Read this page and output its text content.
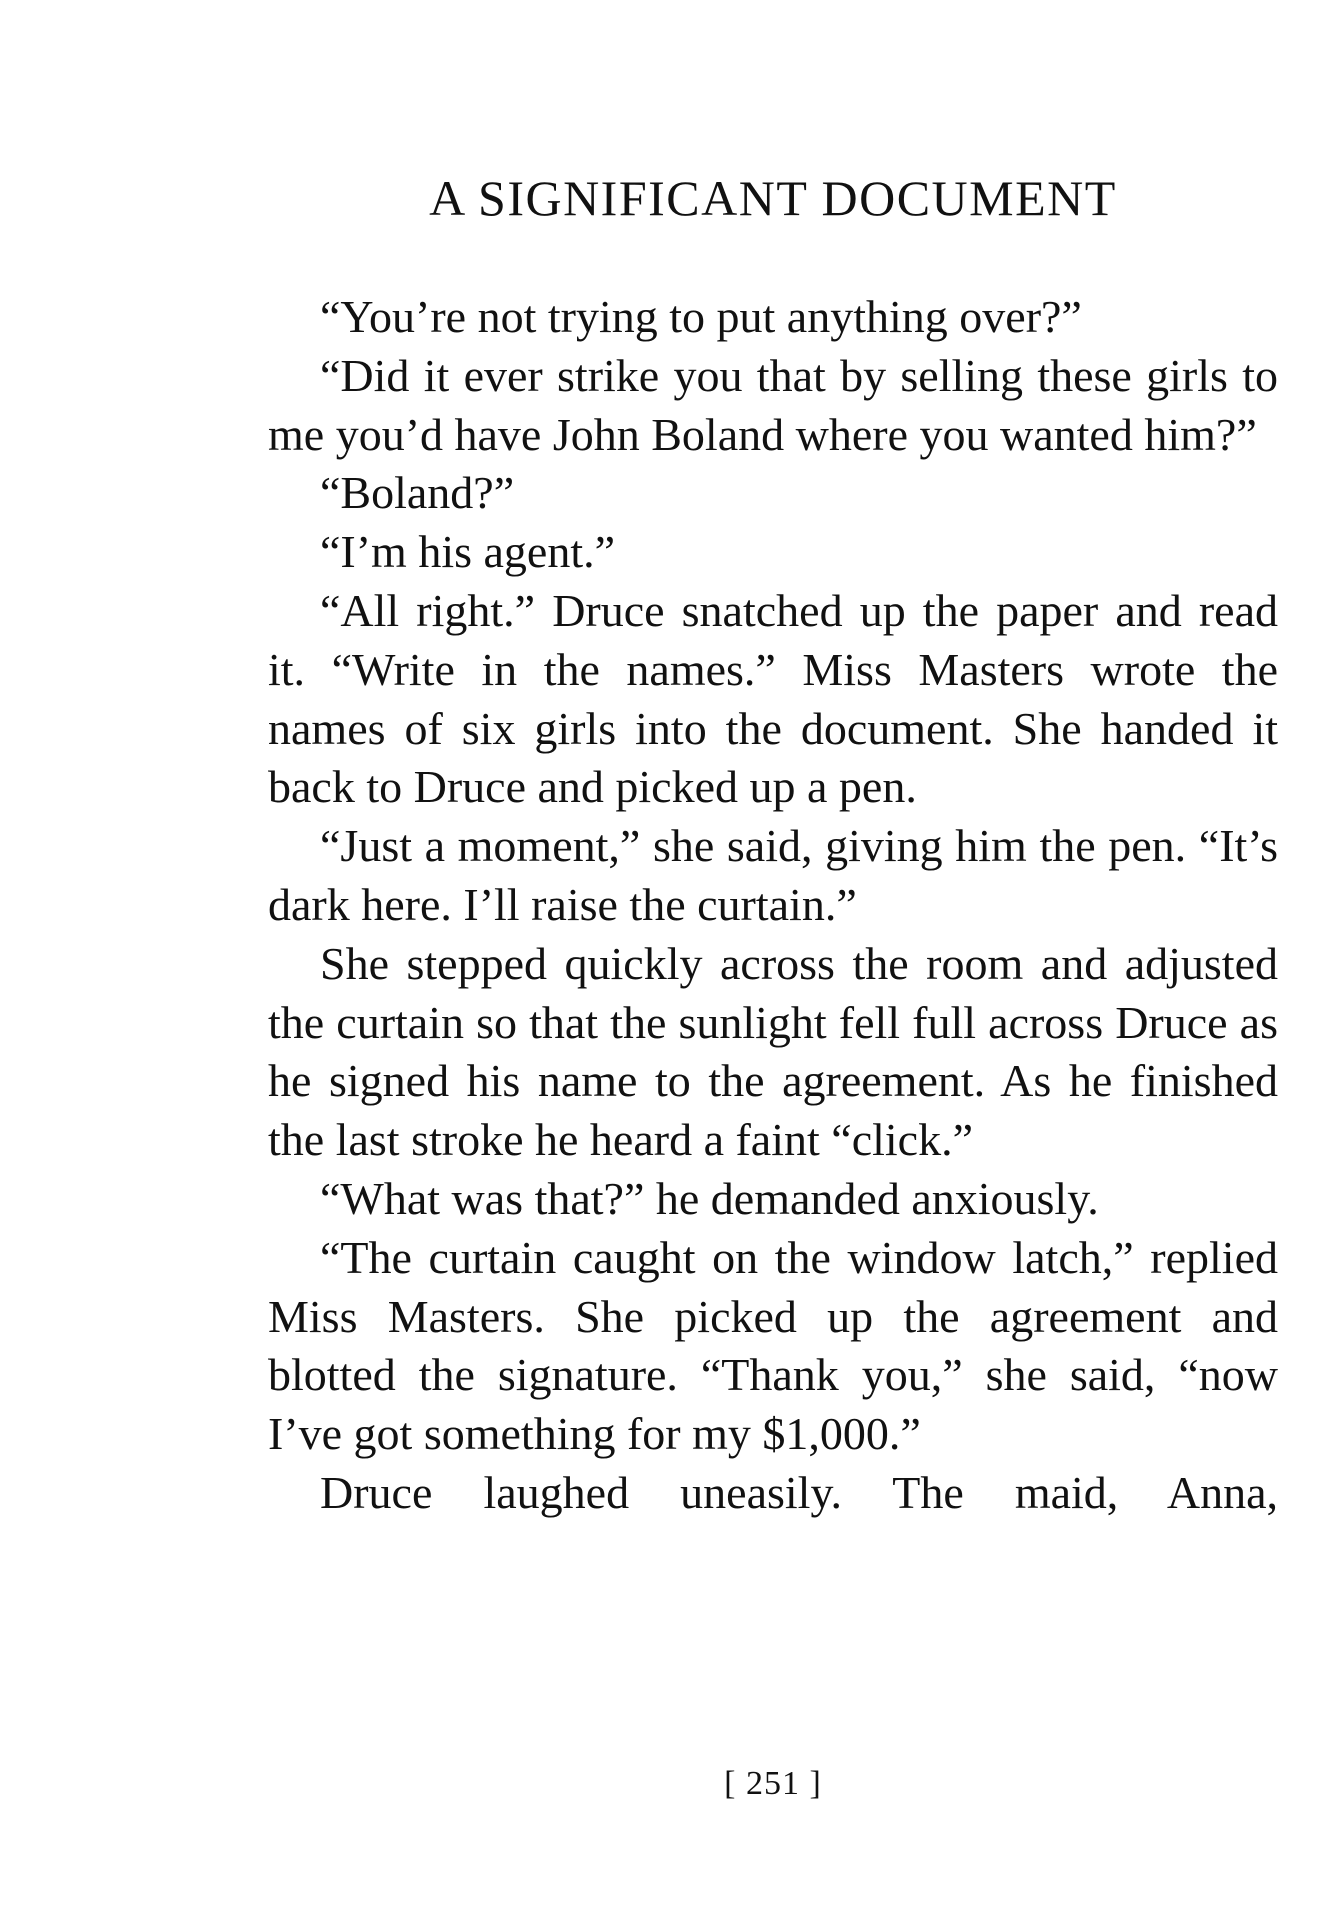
A SIGNIFICANT DOCUMENT

“You’re not trying to put anything over?”

“Did it ever strike you that by selling these girls to me you’d have John Boland where you wanted him?”

“Boland?”

“I’m his agent.”

“All right.” Druce snatched up the paper and read it. “Write in the names.” Miss Masters wrote the names of six girls into the document. She handed it back to Druce and picked up a pen.

“Just a moment,” she said, giving him the pen. “It’s dark here. I’ll raise the curtain.”

She stepped quickly across the room and adjusted the curtain so that the sunlight fell full across Druce as he signed his name to the agreement. As he finished the last stroke he heard a faint “click.”

“What was that?” he demanded anxiously.

“The curtain caught on the window latch,” replied Miss Masters. She picked up the agreement and blotted the signature. “Thank you,” she said, “now I’ve got something for my $1,000.”

Druce laughed uneasily. The maid, Anna,

[ 251 ]
